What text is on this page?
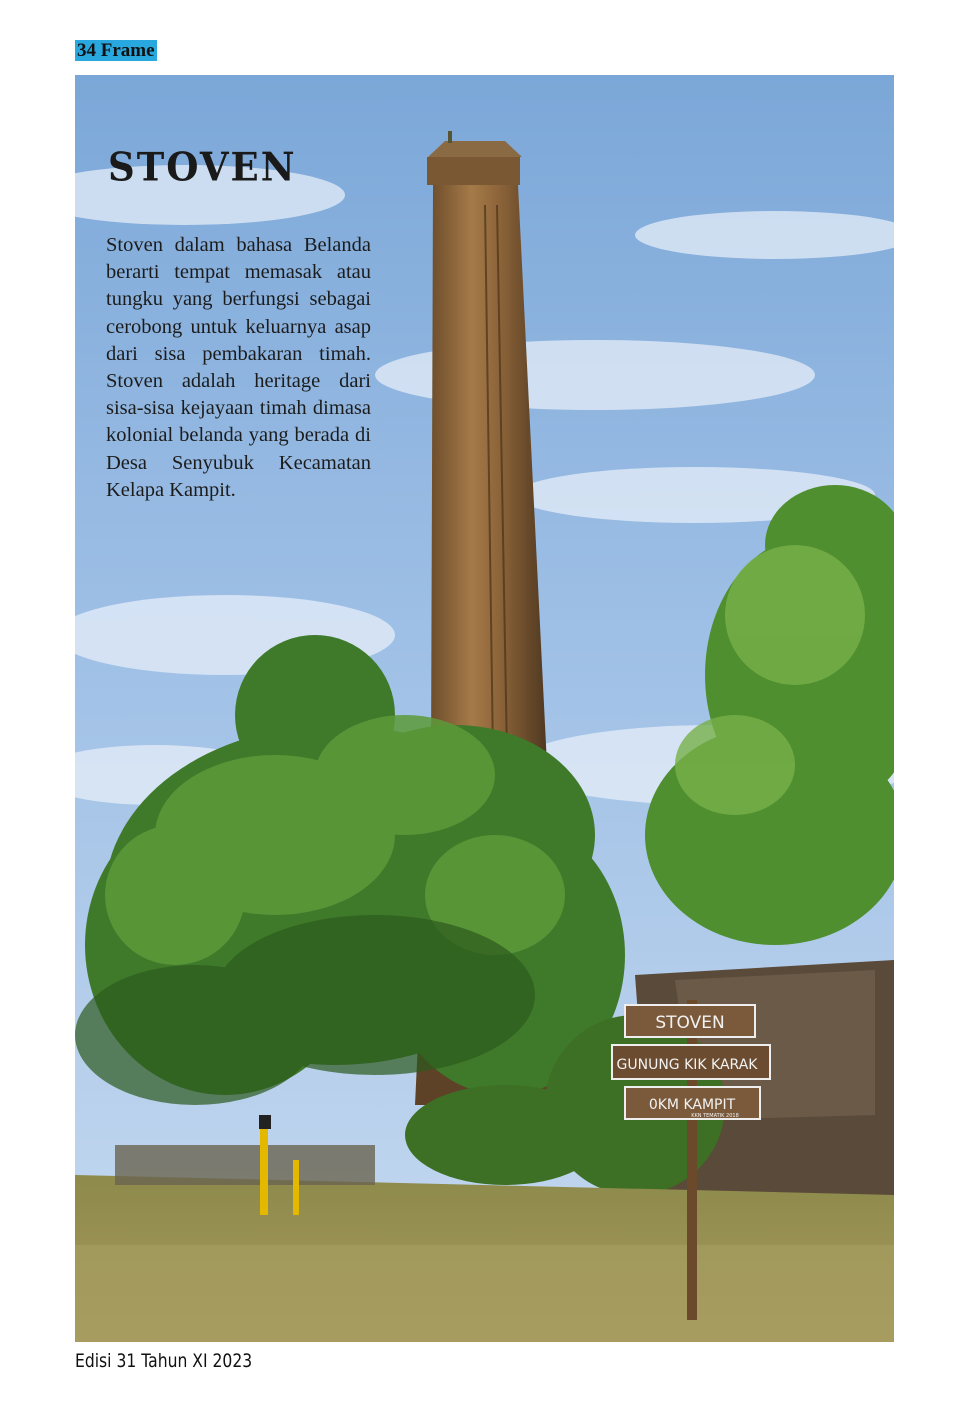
34 Frame
STOVEN
GUNUNG KIK KARAK
0KM KAMPIT
KKN TEMATIK 2018
STOVEN

Stoven dalam bahasa Belanda berarti tempat memasak atau tungku yang berfungsi sebagai cerobong untuk keluarnya asap dari sisa pembakaran timah. Stoven adalah heritage dari sisa-sisa kejayaan timah dimasa kolonial belanda yang berada di Desa Senyubuk Kecamatan Kelapa Kampit.

Edisi 31 Tahun XI 2023
